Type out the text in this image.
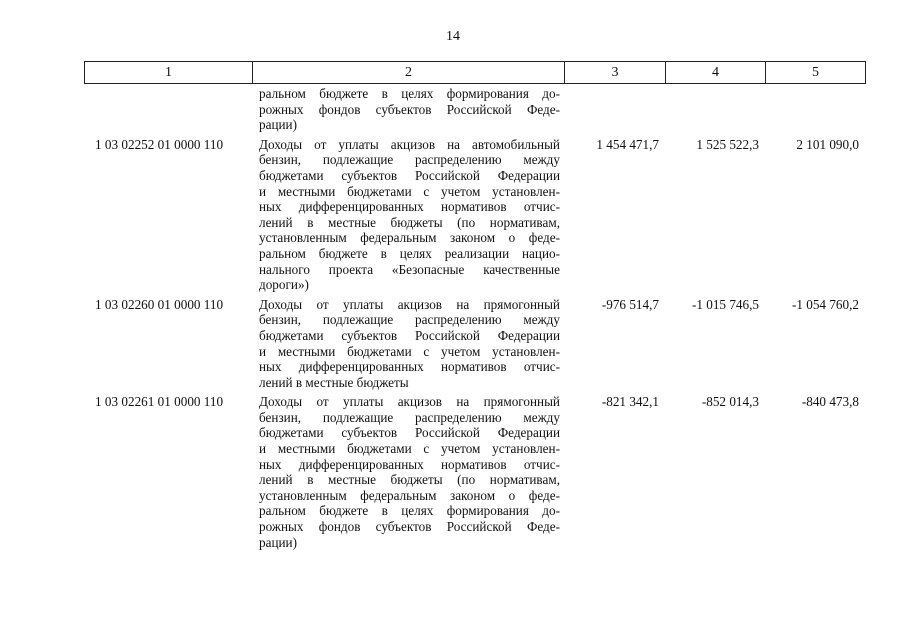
14
1	2	3	4	5
ральном бюджете в целях формирования до-
рожных фондов субъектов Российской Феде-
рации)
1 03 02252 01 0000 110	Доходы от уплаты акцизов на автомобильный
бензин, подлежащие распределению между
бюджетами субъектов Российской Федерации
и местными бюджетами с учетом установлен-
ных дифференцированных нормативов отчис-
лений в местные бюджеты (по нормативам,
установленным федеральным законом о феде-
ральном бюджете в целях реализации нацио-
нального проекта «Безопасные качественные
дороги»)
1 454 471,7	1 525 522,3	2 101 090,0
1 03 02260 01 0000 110	Доходы от уплаты акцизов на прямогонный
бензин, подлежащие распределению между
бюджетами субъектов Российской Федерации
и местными бюджетами с учетом установлен-
ных дифференцированных нормативов отчис-
лений в местные бюджеты
-976 514,7	-1 015 746,5	-1 054 760,2
1 03 02261 01 0000 110	Доходы от уплаты акцизов на прямогонный
бензин, подлежащие распределению между
бюджетами субъектов Российской Федерации
и местными бюджетами с учетом установлен-
ных дифференцированных нормативов отчис-
лений в местные бюджеты (по нормативам,
установленным федеральным законом о феде-
ральном бюджете в целях формирования до-
рожных фондов субъектов Российской Феде-
рации)
-821 342,1	-852 014,3	-840 473,8
